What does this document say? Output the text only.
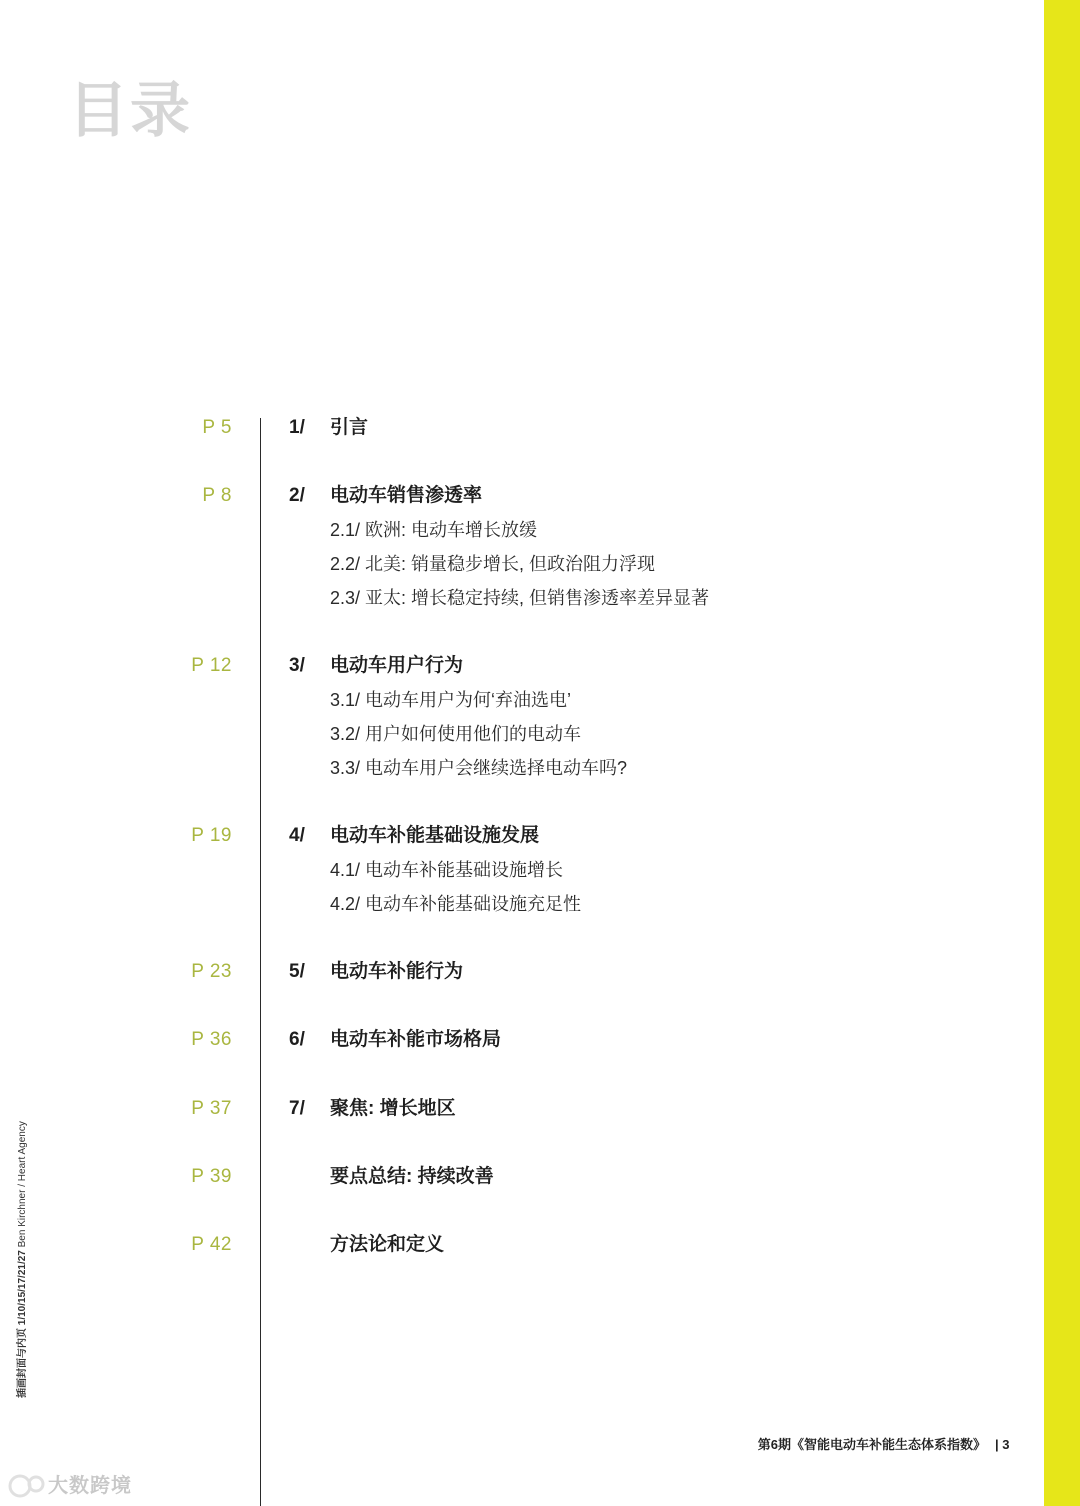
目录
P 5	1/ 引言
P 8	2/ 电动车销售渗透率
2.1/ 欧洲: 电动车增长放缓
2.2/ 北美: 销量稳步增长, 但政治阻力浮现
2.3/ 亚太: 增长稳定持续, 但销售渗透率差异显著
P 12	3/ 电动车用户行为
3.1/ 电动车用户为何‘弃油选电’
3.2/ 用户如何使用他们的电动车
3.3/ 电动车用户会继续选择电动车吗?
P 19	4/ 电动车补能基础设施发展
4.1/ 电动车补能基础设施增长
4.2/ 电动车补能基础设施充足性
P 23	5/ 电动车补能行为
P 36	6/ 电动车补能市场格局
P 37	7/ 聚焦: 增长地区
P 39	要点总结: 持续改善
P 42	方法论和定义
插画封面与内页 1/10/15/17/21/27 Ben Kirchner / Heart Agency
第6期《智能电动车补能生态体系指数》 | 3
大数跨境
